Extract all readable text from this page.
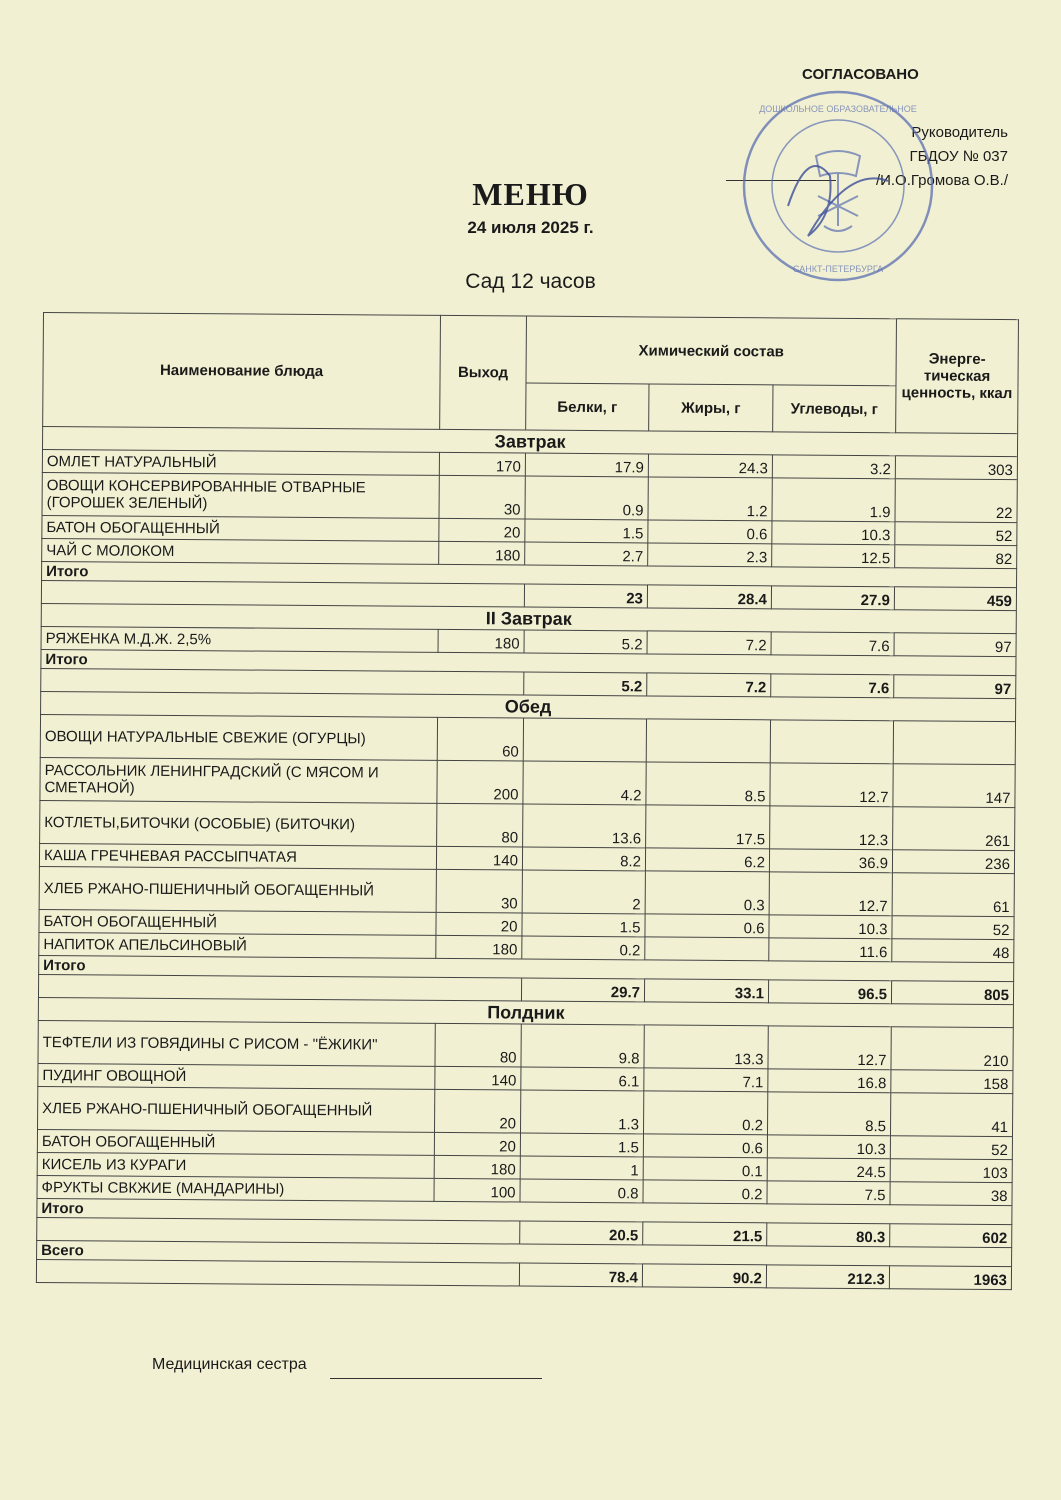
СОГЛАСОВАНО
Руководитель
ГБДОУ № 037
/И.О.Громова О.В./
ДОШКОЛЬНОЕ ОБРАЗОВАТЕЛЬНОЕ
САНКТ-ПЕТЕРБУРГА
МЕНЮ
24 июля 2025 г.
Сад 12 часов
Наименование блюда	Выход	Химический состав			Энерге-тическая ценность, ккал
		Белки, г	Жиры, г	Углеводы, г	
Завтрак					
ОМЛЕТ НАТУРАЛЬНЫЙ	170	17.9	24.3	3.2	303
ОВОЩИ КОНСЕРВИРОВАННЫЕ ОТВАРНЫЕ (ГОРОШЕК ЗЕЛЕНЫЙ)	30	0.9	1.2	1.9	22
БАТОН ОБОГАЩЕННЫЙ	20	1.5	0.6	10.3	52
ЧАЙ С МОЛОКОМ	180	2.7	2.3	12.5	82
Итого					
		23	28.4	27.9	459
II Завтрак					
РЯЖЕНКА М.Д.Ж. 2,5%	180	5.2	7.2	7.6	97
Итого					
		5.2	7.2	7.6	97
Обед					
ОВОЩИ НАТУРАЛЬНЫЕ СВЕЖИЕ (ОГУРЦЫ)	60				
РАССОЛЬНИК ЛЕНИНГРАДСКИЙ (С МЯСОМ И СМЕТАНОЙ)	200	4.2	8.5	12.7	147
КОТЛЕТЫ,БИТОЧКИ (ОСОБЫЕ) (БИТОЧКИ)	80	13.6	17.5	12.3	261
КАША ГРЕЧНЕВАЯ РАССЫПЧАТАЯ	140	8.2	6.2	36.9	236
ХЛЕБ РЖАНО-ПШЕНИЧНЫЙ ОБОГАЩЕННЫЙ	30	2	0.3	12.7	61
БАТОН ОБОГАЩЕННЫЙ	20	1.5	0.6	10.3	52
НАПИТОК АПЕЛЬСИНОВЫЙ	180	0.2		11.6	48
Итого					
		29.7	33.1	96.5	805
Полдник					
ТЕФТЕЛИ ИЗ ГОВЯДИНЫ С РИСОМ - "ЁЖИКИ"	80	9.8	13.3	12.7	210
ПУДИНГ ОВОЩНОЙ	140	6.1	7.1	16.8	158
ХЛЕБ РЖАНО-ПШЕНИЧНЫЙ ОБОГАЩЕННЫЙ	20	1.3	0.2	8.5	41
БАТОН ОБОГАЩЕННЫЙ	20	1.5	0.6	10.3	52
КИСЕЛЬ ИЗ КУРАГИ	180	1	0.1	24.5	103
ФРУКТЫ СВКЖИЕ (МАНДАРИНЫ)	100	0.8	0.2	7.5	38
Итого					
		20.5	21.5	80.3	602
Всего					
		78.4	90.2	212.3	1963
Медицинская сестра
